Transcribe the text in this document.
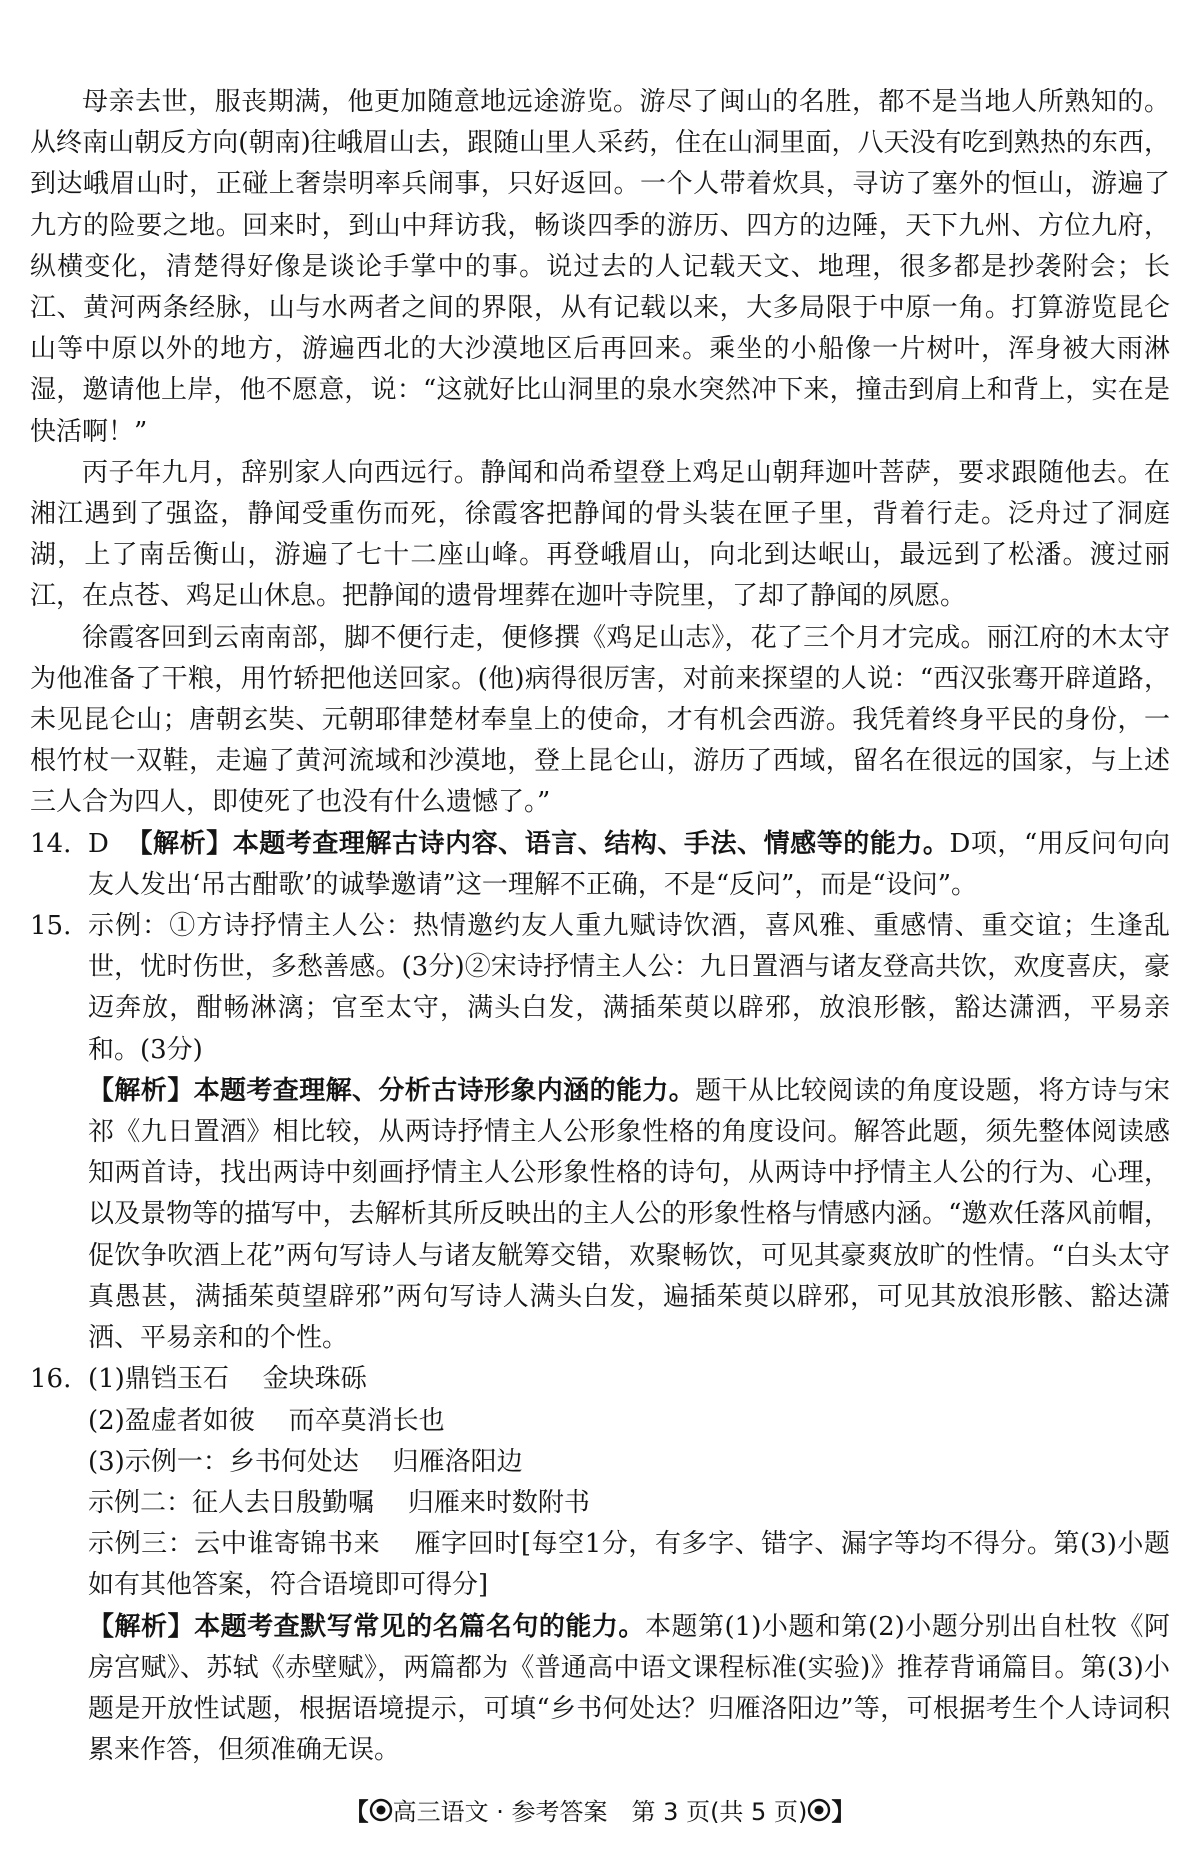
母亲去世，服丧期满，他更加随意地远途游览。游尽了闽山的名胜，都不是当地人所熟知的。从终南山朝反方向(朝南)往峨眉山去，跟随山里人采药，住在山洞里面，八天没有吃到熟热的东西，到达峨眉山时，正碰上奢崇明率兵闹事，只好返回。一个人带着炊具，寻访了塞外的恒山，游遍了九方的险要之地。回来时，到山中拜访我，畅谈四季的游历、四方的边陲，天下九州、方位九府，纵横变化，清楚得好像是谈论手掌中的事。说过去的人记载天文、地理，很多都是抄袭附会；长江、黄河两条经脉，山与水两者之间的界限，从有记载以来，大多局限于中原一角。打算游览昆仑山等中原以外的地方，游遍西北的大沙漠地区后再回来。乘坐的小船像一片树叶，浑身被大雨淋湿，邀请他上岸，他不愿意，说：“这就好比山洞里的泉水突然冲下来，撞击到肩上和背上，实在是快活啊！”

丙子年九月，辞别家人向西远行。静闻和尚希望登上鸡足山朝拜迦叶菩萨，要求跟随他去。在湘江遇到了强盗，静闻受重伤而死，徐霞客把静闻的骨头装在匣子里，背着行走。泛舟过了洞庭湖，上了南岳衡山，游遍了七十二座山峰。再登峨眉山，向北到达岷山，最远到了松潘。渡过丽江，在点苍、鸡足山休息。把静闻的遗骨埋葬在迦叶寺院里，了却了静闻的夙愿。

徐霞客回到云南南部，脚不便行走，便修撰《鸡足山志》，花了三个月才完成。丽江府的木太守为他准备了干粮，用竹轿把他送回家。(他)病得很厉害，对前来探望的人说：“西汉张骞开辟道路，未见昆仑山；唐朝玄奘、元朝耶律楚材奉皇上的使命，才有机会西游。我凭着终身平民的身份，一根竹杖一双鞋，走遍了黄河流域和沙漠地，登上昆仑山，游历了西域，留名在很远的国家，与上述三人合为四人，即使死了也没有什么遗憾了。”

14. D 【解析】本题考查理解古诗内容、语言、结构、手法、情感等的能力。D项，“用反问句向友人发出‘吊古酣歌’的诚挚邀请”这一理解不正确，不是“反问”，而是“设问”。
15. 示例：①方诗抒情主人公：热情邀约友人重九赋诗饮酒，喜风雅、重感情、重交谊；生逢乱世，忧时伤世，多愁善感。(3分)②宋诗抒情主人公：九日置酒与诸友登高共饮，欢度喜庆，豪迈奔放，酣畅淋漓；官至太守，满头白发，满插茱萸以辟邪，放浪形骸，豁达潇洒，平易亲和。(3分)

【解析】本题考查理解、分析古诗形象内涵的能力。题干从比较阅读的角度设题，将方诗与宋祁《九日置酒》相比较，从两诗抒情主人公形象性格的角度设问。解答此题，须先整体阅读感知两首诗，找出两诗中刻画抒情主人公形象性格的诗句，从两诗中抒情主人公的行为、心理，以及景物等的描写中，去解析其所反映出的主人公的形象性格与情感内涵。“邀欢任落风前帽，促饮争吹酒上花”两句写诗人与诸友觥筹交错，欢聚畅饮，可见其豪爽放旷的性情。“白头太守真愚甚，满插茱萸望辟邪”两句写诗人满头白发，遍插茱萸以辟邪，可见其放浪形骸、豁达潇洒、平易亲和的个性。

16. (1)鼎铛玉石 金块珠砾

(2)盈虚者如彼 而卒莫消长也

(3)示例一：乡书何处达 归雁洛阳边

示例二：征人去日殷勤嘱 归雁来时数附书

示例三：云中谁寄锦书来 雁字回时[每空1分，有多字、错字、漏字等均不得分。第(3)小题如有其他答案，符合语境即可得分]

【解析】本题考查默写常见的名篇名句的能力。本题第(1)小题和第(2)小题分别出自杜牧《阿房宫赋》、苏轼《赤壁赋》，两篇都为《普通高中语文课程标准(实验)》推荐背诵篇目。第(3)小题是开放性试题，根据语境提示，可填“乡书何处达？归雁洛阳边”等，可根据考生个人诗词积累来作答，但须准确无误。

【 高三语文 · 参考答案　第 3 页(共 5 页) 】
